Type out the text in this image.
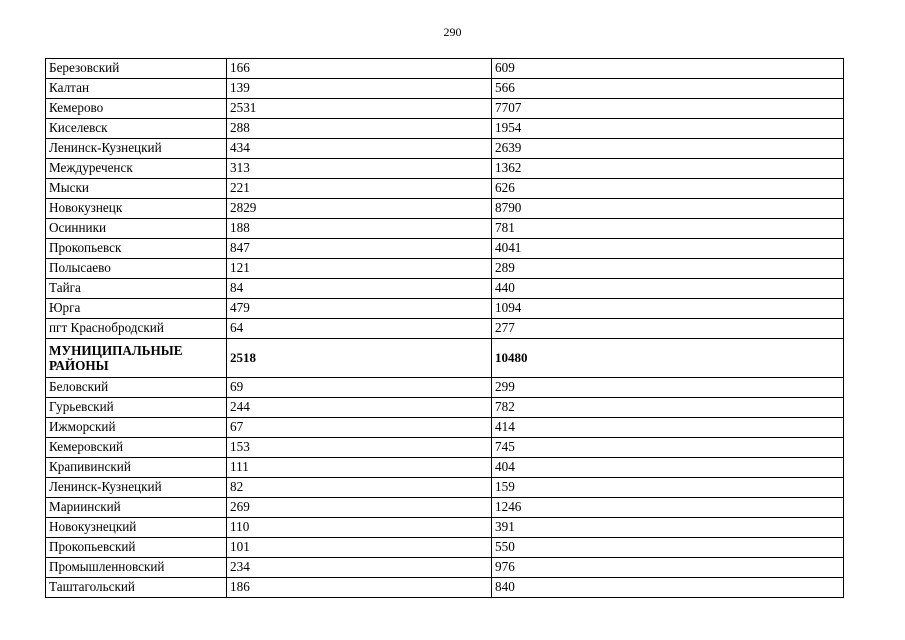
290
Березовский	166	609
Калтан	139	566
Кемерово	2531	7707
Киселевск	288	1954
Ленинск-Кузнецкий	434	2639
Междуреченск	313	1362
Мыски	221	626
Новокузнецк	2829	8790
Осинники	188	781
Прокопьевск	847	4041
Полысаево	121	289
Тайга	84	440
Юрга	479	1094
пгт Краснобродский	64	277
МУНИЦИПАЛЬНЫЕ РАЙОНЫ	2518	10480
Беловский	69	299
Гурьевский	244	782
Ижморский	67	414
Кемеровский	153	745
Крапивинский	111	404
Ленинск-Кузнецкий	82	159
Мариинский	269	1246
Новокузнецкий	110	391
Прокопьевский	101	550
Промышленновский	234	976
Таштагольский	186	840
